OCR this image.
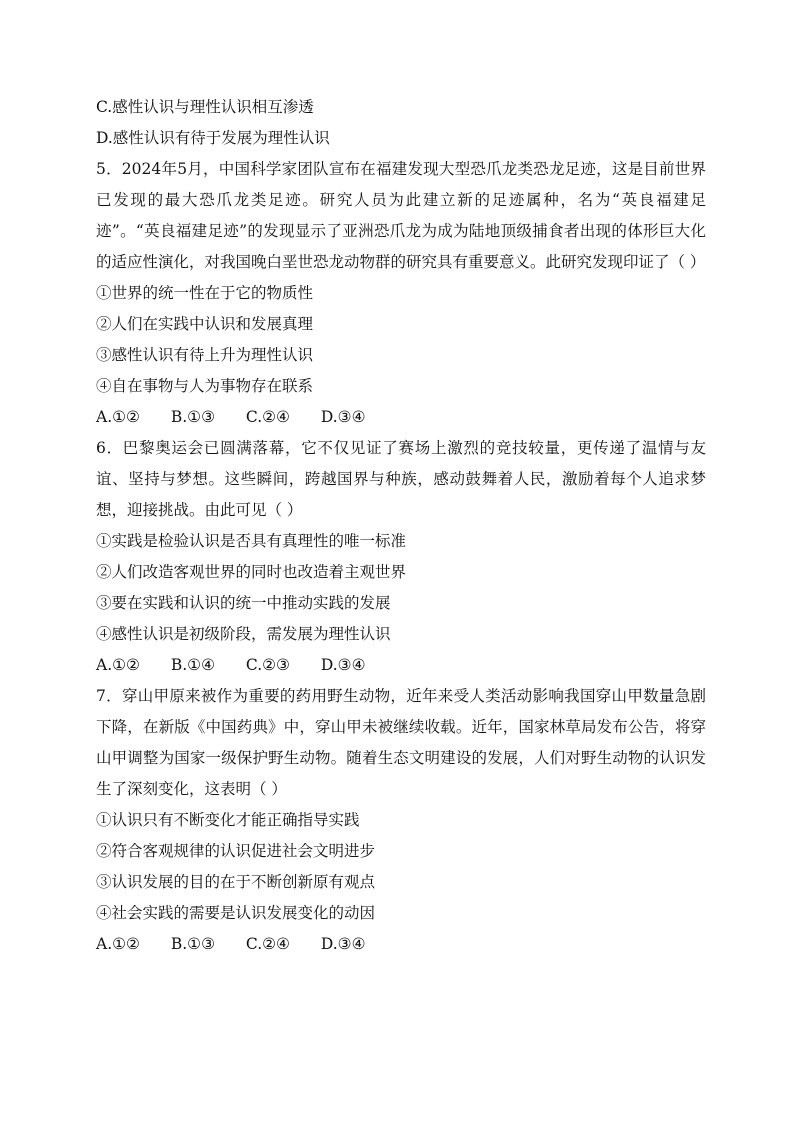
C.感性认识与理性认识相互渗透
D.感性认识有待于发展为理性认识

5．2024年5月，中国科学家团队宣布在福建发现大型恐爪龙类恐龙足迹，这是目前世界已发现的最大恐爪龙类足迹。研究人员为此建立新的足迹属种，名为“英良福建足迹”。“英良福建足迹”的发现显示了亚洲恐爪龙为成为陆地顶级捕食者出现的体形巨大化的适应性演化，对我国晚白垩世恐龙动物群的研究具有重要意义。此研究发现印证了（ ）

①世界的统一性在于它的物质性
②人们在实践中认识和发展真理
③感性认识有待上升为理性认识
④自在事物与人为事物存在联系
A.①② B.①③ C.②④ D.③④

6．巴黎奥运会已圆满落幕，它不仅见证了赛场上激烈的竞技较量，更传递了温情与友谊、坚持与梦想。这些瞬间，跨越国界与种族，感动鼓舞着人民，激励着每个人追求梦想，迎接挑战。由此可见（ ）

①实践是检验认识是否具有真理性的唯一标准
②人们改造客观世界的同时也改造着主观世界
③要在实践和认识的统一中推动实践的发展
④感性认识是初级阶段，需发展为理性认识
A.①② B.①④ C.②③ D.③④

7．穿山甲原来被作为重要的药用野生动物，近年来受人类活动影响我国穿山甲数量急剧下降，在新版《中国药典》中，穿山甲未被继续收载。近年，国家林草局发布公告，将穿山甲调整为国家一级保护野生动物。随着生态文明建设的发展，人们对野生动物的认识发生了深刻变化，这表明（ ）

①认识只有不断变化才能正确指导实践
②符合客观规律的认识促进社会文明进步
③认识发展的目的在于不断创新原有观点
④社会实践的需要是认识发展变化的动因
A.①② B.①③ C.②④ D.③④
